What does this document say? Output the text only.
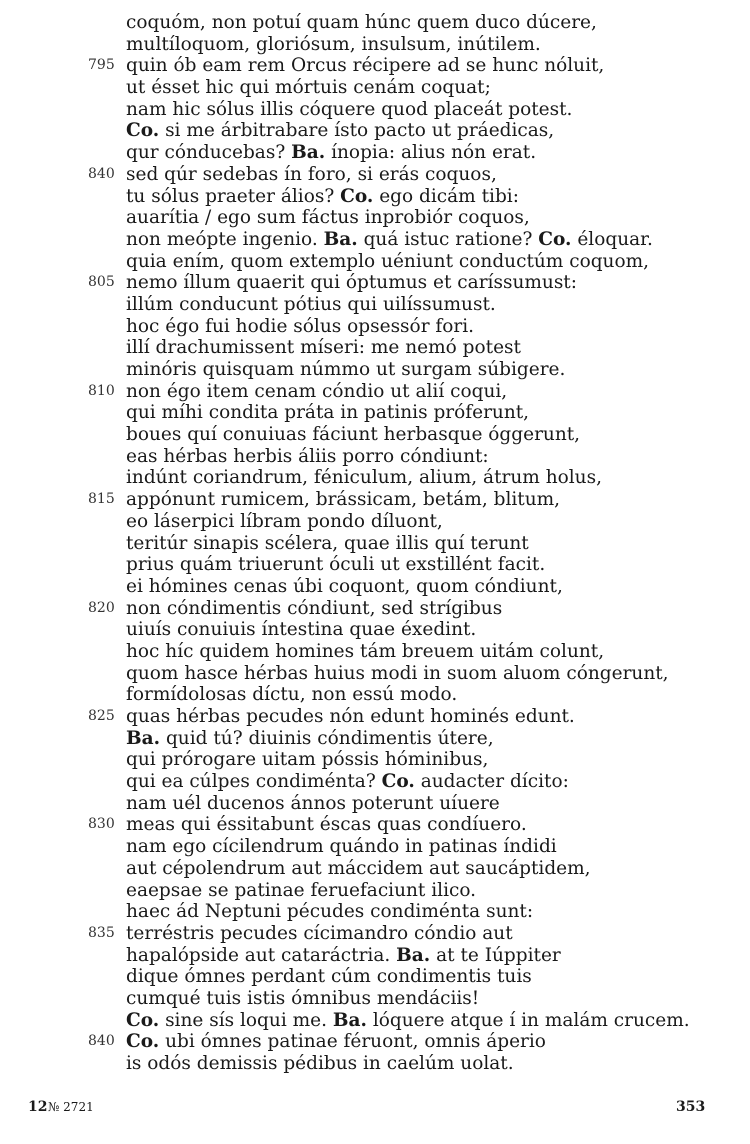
coquóm, non potuí quam húnc quem duco dúcere,
multíloquom, gloriósum, insulsum, inútilem.
795 quin ób eam rem Orcus récipere ad se hunc nóluit,
ut ésset hic qui mórtuis cenám coquat;
nam hic sólus illis cóquere quod placeát potest.
Co. si me árbitrabare ísto pacto ut práedicas,
qur cónducebas? Ba. ínopia: alius nón erat.
840 sed qúr sedebas ín foro, si erás coquos,
tu sólus praeter álios? Co. ego dicám tibi:
auarítia / ego sum fáctus inprobiór coquos,
non meópte ingenio. Ba. quá istuc ratione? Co. éloquar.
quia ením, quom extemplo uéniunt conductúm coquom,
805 nemo íllum quaerit qui óptumus et caríssumust:
illúm conducunt pótius qui uilíssumust.
hoc égo fui hodie sólus opsessór fori.
illí drachumissent míseri: me nemó potest
minóris quisquam númmo ut surgam súbigere.
810 non égo item cenam cóndio ut alií coqui,
qui míhi condita práta in patinis próferunt,
boues quí conuiuas fáciunt herbasque óggerunt,
eas hérbas herbis áliis porro cóndiunt:
indúnt coriandrum, féniculum, alium, átrum holus,
815 appónunt rumicem, brássicam, betám, blitum,
eo láserpici líbram pondo díluont,
teritúr sinapis scélera, quae illis quí terunt
prius quám triuerunt óculi ut exstillént facit.
ei hómines cenas úbi coquont, quom cóndiunt,
820 non cóndimentis cóndiunt, sed strígibus
uiuís conuiuis íntestina quae éxedint.
hoc híc quidem homines tám breuem uitám colunt,
quom hasce hérbas huius modi in suom aluom cóngerunt,
formídolosas díctu, non essú modo.
825 quas hérbas pecudes nón edunt hominés edunt.
Ba. quid tú? diuinis cóndimentis útere,
qui prórogare uitam póssis hóminibus,
qui ea cúlpes condiménta? Co. audacter dícito:
nam uél ducenos ánnos poterunt uíuere
830 meas qui éssitabunt éscas quas condíuero.
nam ego cícilendrum quándo in patinas índidi
aut cépolendrum aut máccidem aut saucáptidem,
eaepsae se patinae feruefaciunt ilico.
haec ád Neptuni pécudes condiménta sunt:
835 terréstris pecudes cícimandro cóndio aut
hapalópside aut cataráctria. Ba. at te Iúppiter
dique ómnes perdant cúm condimentis tuis
cumqué tuis istis ómnibus mendáciis!
Co. sine sís loqui me. Ba. lóquere atque í in malám crucem.
840 Co. ubi ómnes patinae féruont, omnis áperio
is odós demissis pédibus in caelúm uolat.
12 № 2721	353
